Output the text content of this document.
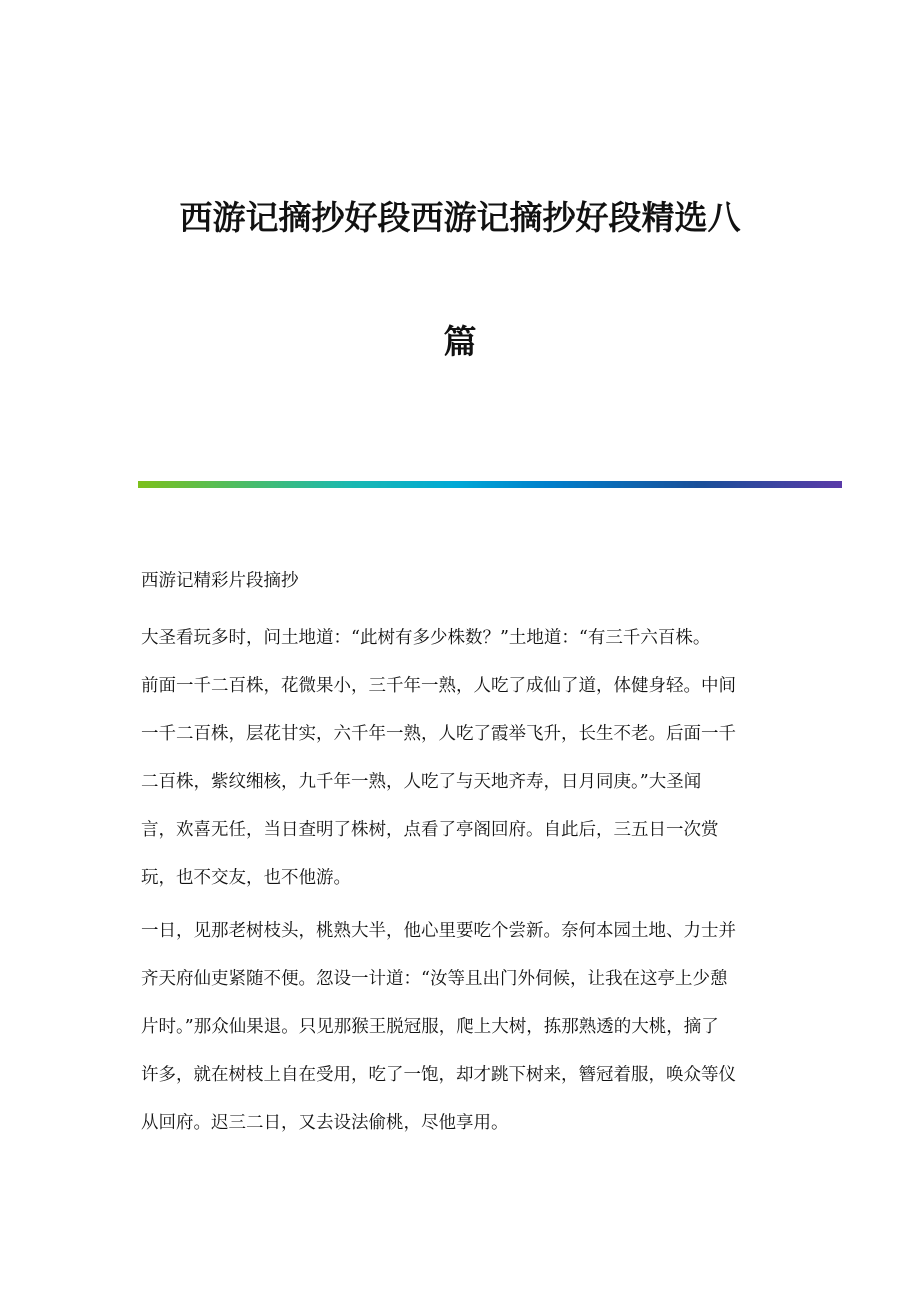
西游记摘抄好段西游记摘抄好段精选八
篇
西游记精彩片段摘抄
大圣看玩多时，问土地道：“此树有多少株数？”土地道：“有三千六百株。
前面一千二百株，花微果小，三千年一熟，人吃了成仙了道，体健身轻。中间
一千二百株，层花甘实，六千年一熟，人吃了霞举飞升，长生不老。后面一千
二百株，紫纹缃核，九千年一熟，人吃了与天地齐寿，日月同庚。”大圣闻
言，欢喜无任，当日查明了株树，点看了亭阁回府。自此后，三五日一次赏
玩，也不交友，也不他游。
一日，见那老树枝头，桃熟大半，他心里要吃个尝新。奈何本园土地、力士并
齐天府仙吏紧随不便。忽设一计道：“汝等且出门外伺候，让我在这亭上少憩
片时。”那众仙果退。只见那猴王脱冠服，爬上大树，拣那熟透的大桃，摘了
许多，就在树枝上自在受用，吃了一饱，却才跳下树来，簪冠着服，唤众等仪
从回府。迟三二日，又去设法偷桃，尽他享用。
